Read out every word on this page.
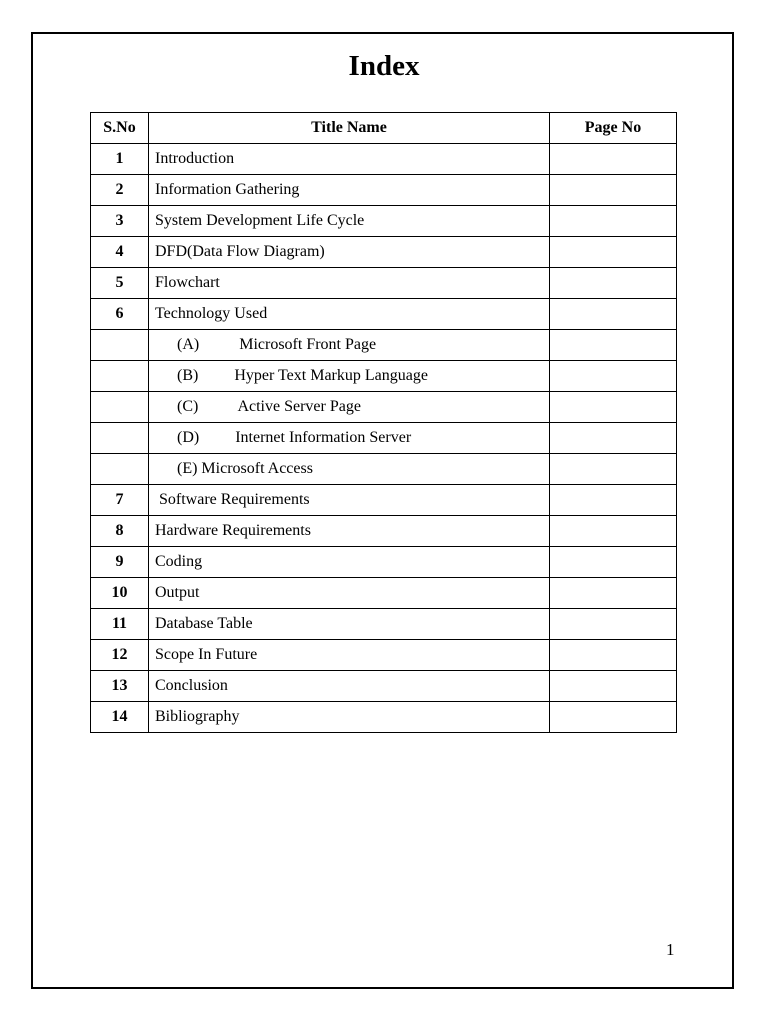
Index
S.No	Title Name	Page No
1	Introduction	
2	Information Gathering	
3	System Development Life Cycle	
4	DFD(Data Flow Diagram)	
5	Flowchart	
6	Technology Used	
	(A)          Microsoft Front Page	
	(B)         Hyper Text Markup Language	
	(C)          Active Server Page	
	(D)         Internet Information Server	
	(E) Microsoft Access	
7	Software Requirements	
8	Hardware Requirements	
9	Coding	
10	Output	
11	Database Table	
12	Scope In Future	
13	Conclusion	
14	Bibliography	
1
